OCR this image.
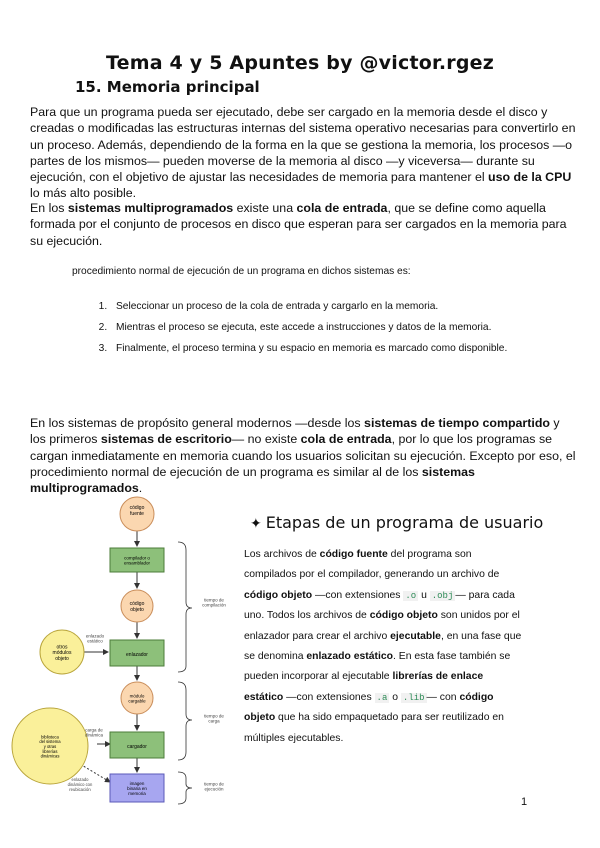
Tema 4 y 5 Apuntes by @victor.rgez
15. Memoria principal
Para que un programa pueda ser ejecutado, debe ser cargado en la memoria desde el disco y creadas o modificadas las estructuras internas del sistema operativo necesarias para convertirlo en un proceso. Además, dependiendo de la forma en la que se gestiona la memoria, los procesos —o partes de los mismos— pueden moverse de la memoria al disco —y viceversa— durante su ejecución, con el objetivo de ajustar las necesidades de memoria para mantener el uso de la CPU lo más alto posible.
En los sistemas multiprogramados existe una cola de entrada, que se define como aquella formada por el conjunto de procesos en disco que esperan para ser cargados en la memoria para su ejecución.
procedimiento normal de ejecución de un programa en dichos sistemas es:
1. Seleccionar un proceso de la cola de entrada y cargarlo en la memoria.
2. Mientras el proceso se ejecuta, este accede a instrucciones y datos de la memoria.
3. Finalmente, el proceso termina y su espacio en memoria es marcado como disponible.
En los sistemas de propósito general modernos —desde los sistemas de tiempo compartido y los primeros sistemas de escritorio— no existe cola de entrada, por lo que los programas se cargan inmediatamente en memoria cuando los usuarios solicitan su ejecución. Excepto por eso, el procedimiento normal de ejecución de un programa es similar al de los sistemas multiprogramados.
código fuente
compilador o ensamblador
código objeto
enlazador
otros módulos objeto
enlazado estático
módulo cargable
cargador
biblioteca del sistema y otras librerías dinámicas
carga de dinámica
enlazado dinámico con reubicación
imagen binaria en memoria
tiempo de compilación
tiempo de carga
tiempo de ejecución
✦ Etapas de un programa de usuario
Los archivos de código fuente del programa son compilados por el compilador, generando un archivo de código objeto —con extensiones .o u .obj — para cada uno. Todos los archivos de código objeto son unidos por el enlazador para crear el archivo ejecutable, en una fase que se denomina enlazado estático. En esta fase también se pueden incorporar al ejecutable librerías de enlace estático —con extensiones .a o .lib — con código objeto que ha sido empaquetado para ser reutilizado en múltiples ejecutables.
1
